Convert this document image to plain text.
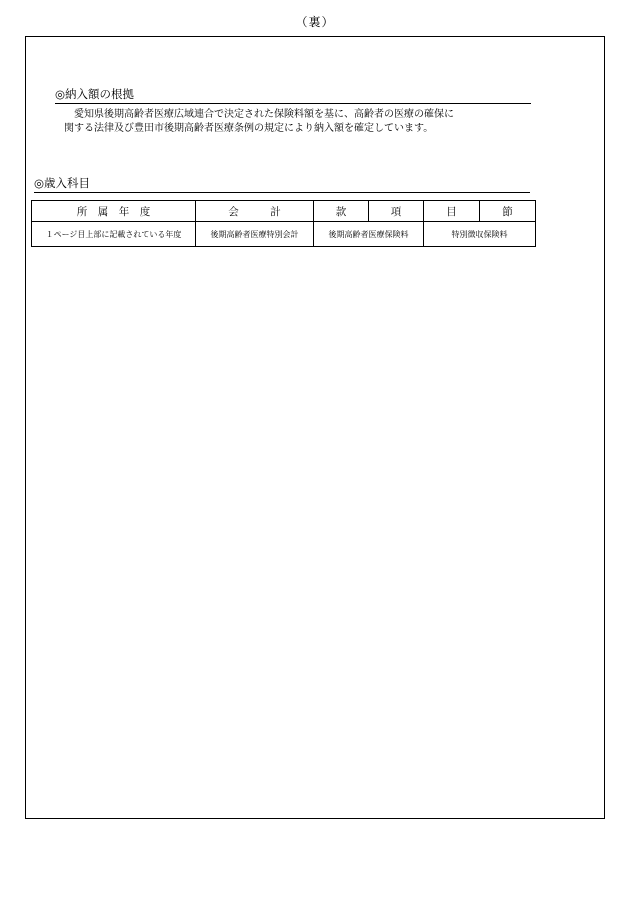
（裏）
◎納入額の根拠
愛知県後期高齢者医療広域連合で決定された保険料額を基に、高齢者の医療の確保に
関する法律及び豊田市後期高齢者医療条例の規定により納入額を確定しています。
◎歳入科目
所　属　年　度	会　　　計	款	項	目	節
１ページ目上部に記載されている年度	後期高齢者医療特別会計	後期高齢者医療保険料		特別徴収保険料	
